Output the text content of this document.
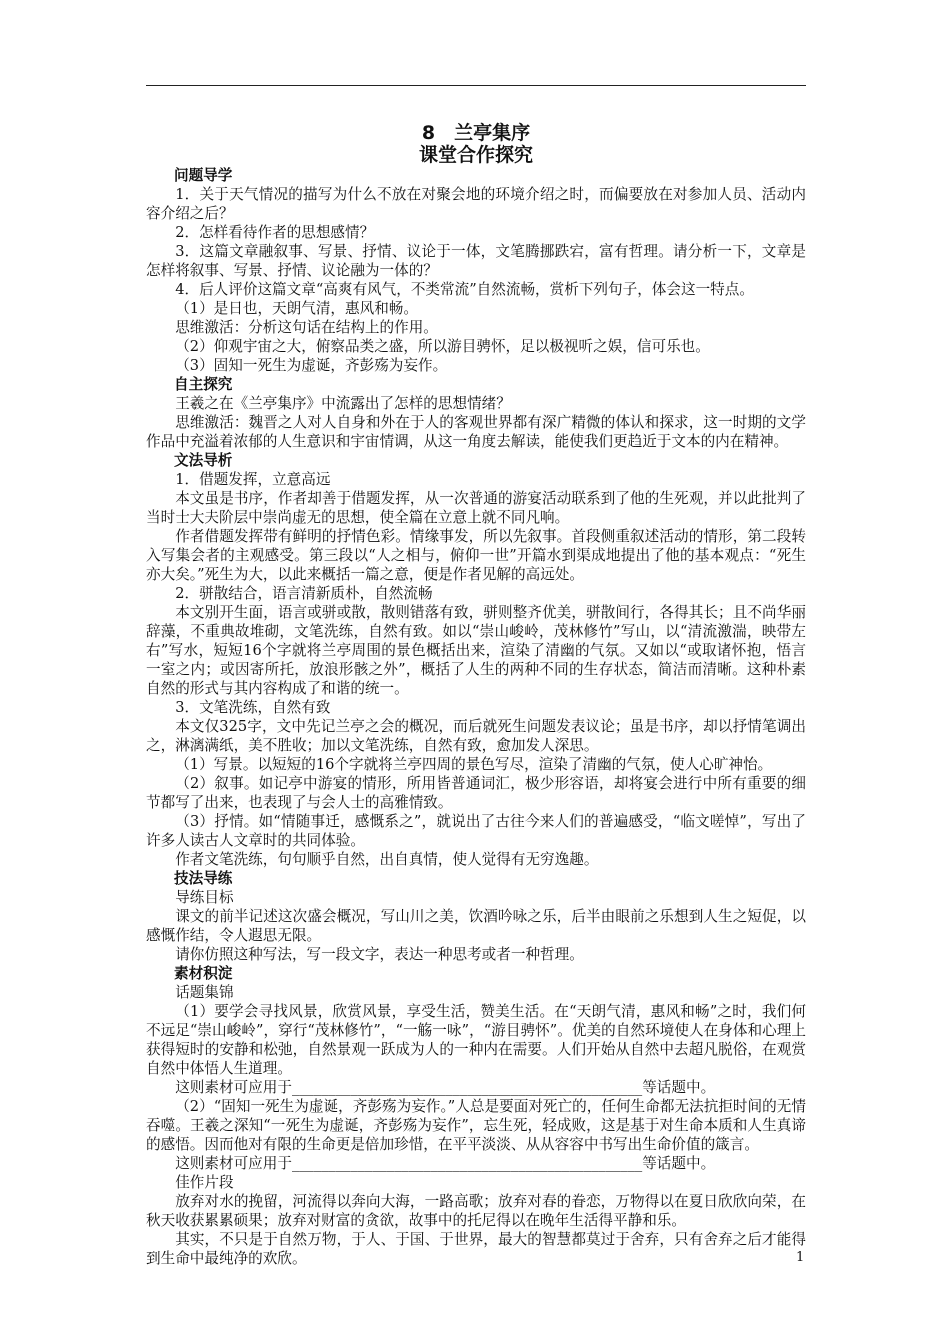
8　兰亭集序
课堂合作探究
问题导学
1．关于天气情况的描写为什么不放在对聚会地的环境介绍之时，而偏要放在对参加人员、活动内容介绍之后？
2．怎样看待作者的思想感情？
3．这篇文章融叙事、写景、抒情、议论于一体，文笔腾挪跌宕，富有哲理。请分析一下，文章是怎样将叙事、写景、抒情、议论融为一体的？
4．后人评价这篇文章“高爽有风气，不类常流”自然流畅，赏析下列句子，体会这一特点。
（1）是日也，天朗气清，惠风和畅。
思维激活：分析这句话在结构上的作用。
（2）仰观宇宙之大，俯察品类之盛，所以游目骋怀，足以极视听之娱，信可乐也。
（3）固知一死生为虚诞，齐彭殇为妄作。
自主探究
王羲之在《兰亭集序》中流露出了怎样的思想情绪？
思维激活：魏晋之人对人自身和外在于人的客观世界都有深广精微的体认和探求，这一时期的文学作品中充溢着浓郁的人生意识和宇宙情调，从这一角度去解读，能使我们更趋近于文本的内在精神。
文法导析
1．借题发挥，立意高远
本文虽是书序，作者却善于借题发挥，从一次普通的游宴活动联系到了他的生死观，并以此批判了当时士大夫阶层中崇尚虚无的思想，使全篇在立意上就不同凡响。
作者借题发挥带有鲜明的抒情色彩。情缘事发，所以先叙事。首段侧重叙述活动的情形，第二段转入写集会者的主观感受。第三段以“人之相与，俯仰一世”开篇水到渠成地提出了他的基本观点：“死生亦大矣。”死生为大，以此来概括一篇之意，便是作者见解的高远处。
2．骈散结合，语言清新质朴，自然流畅
本文别开生面，语言或骈或散，散则错落有致，骈则整齐优美，骈散间行，各得其长；且不尚华丽辞藻，不重典故堆砌，文笔洗练，自然有致。如以“崇山峻岭，茂林修竹”写山，以“清流激湍，映带左右”写水，短短16个字就将兰亭周围的景色概括出来，渲染了清幽的气氛。又如以“或取诸怀抱，悟言一室之内；或因寄所托，放浪形骸之外”，概括了人生的两种不同的生存状态，简洁而清晰。这种朴素自然的形式与其内容构成了和谐的统一。
3．文笔洗练，自然有致
本文仅325字，文中先记兰亭之会的概况，而后就死生问题发表议论；虽是书序，却以抒情笔调出之，淋漓满纸，美不胜收；加以文笔洗练，自然有致，愈加发人深思。
（1）写景。以短短的16个字就将兰亭四周的景色写尽，渲染了清幽的气氛，使人心旷神怡。
（2）叙事。如记亭中游宴的情形，所用皆普通词汇，极少形容语，却将宴会进行中所有重要的细节都写了出来，也表现了与会人士的高雅情致。
（3）抒情。如“情随事迁，感慨系之”，就说出了古往今来人们的普遍感受，“临文嗟悼”，写出了许多人读古人文章时的共同体验。
作者文笔洗练，句句顺乎自然，出自真情，使人觉得有无穷逸趣。
技法导练
导练目标
课文的前半记述这次盛会概况，写山川之美，饮酒吟咏之乐，后半由眼前之乐想到人生之短促，以感慨作结，令人遐思无限。
请你仿照这种写法，写一段文字，表达一种思考或者一种哲理。
素材积淀
话题集锦
（1）要学会寻找风景，欣赏风景，享受生活，赞美生活。在“天朗气清，惠风和畅”之时，我们何不远足“崇山峻岭”，穿行“茂林修竹”，“一觞一咏”，“游目骋怀”。优美的自然环境使人在身体和心理上获得短时的安静和松弛，自然景观一跃成为人的一种内在需要。人们开始从自然中去超凡脱俗，在观赏自然中体悟人生道理。
这则素材可应用于________________________________________________等话题中。
（2）“固知一死生为虚诞，齐彭殇为妄作。”人总是要面对死亡的，任何生命都无法抗拒时间的无情吞噬。王羲之深知“一死生为虚诞，齐彭殇为妄作”，忘生死，轻成败，这是基于对生命本质和人生真谛的感悟。因而他对有限的生命更是倍加珍惜，在平平淡淡、从从容容中书写出生命价值的箴言。
这则素材可应用于________________________________________________等话题中。
佳作片段
放弃对水的挽留，河流得以奔向大海，一路高歌；放弃对春的眷恋，万物得以在夏日欣欣向荣，在秋天收获累累硕果；放弃对财富的贪欲，故事中的托尼得以在晚年生活得平静和乐。
其实，不只是于自然万物，于人、于国、于世界，最大的智慧都莫过于舍弃，只有舍弃之后才能得到生命中最纯净的欢欣。	1
